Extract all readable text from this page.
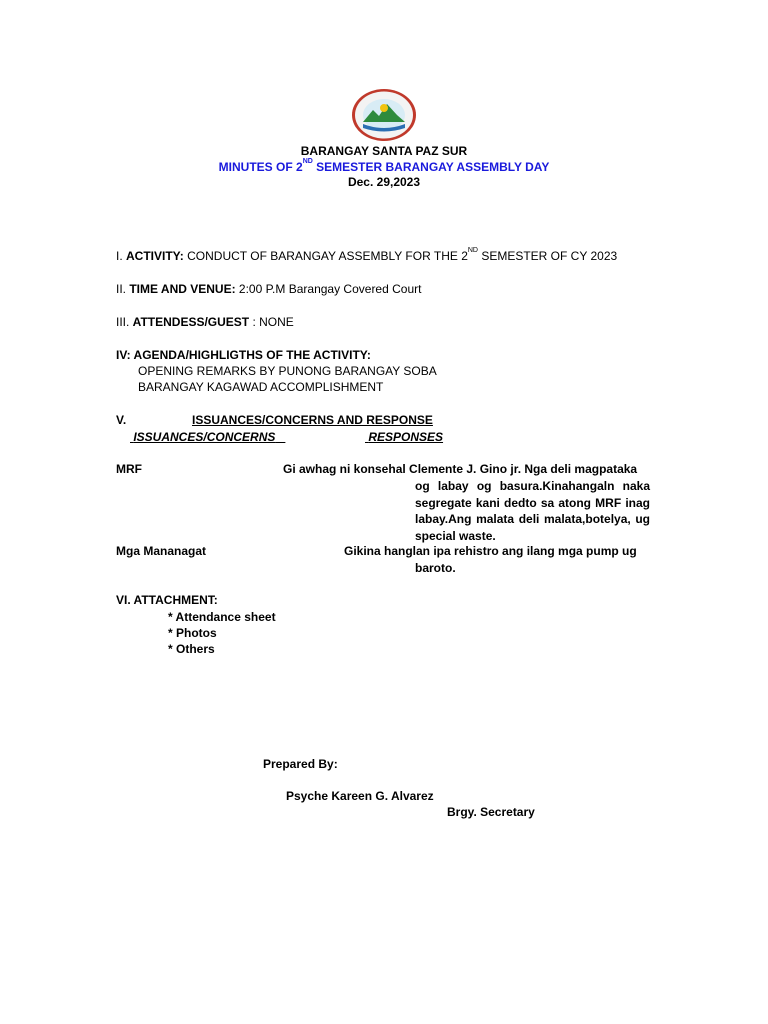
BARANGAY SANTA PAZ SUR
MINUTES OF 2ND SEMESTER BARANGAY ASSEMBLY DAY
Dec. 29,2023
I. ACTIVITY: CONDUCT OF BARANGAY ASSEMBLY FOR THE 2ND SEMESTER OF CY 2023
II. TIME AND VENUE: 2:00 P.M Barangay Covered Court
III. ATTENDESS/GUEST : NONE
IV: AGENDA/HIGHLIGTHS OF THE ACTIVITY:
OPENING REMARKS BY PUNONG BARANGAY SOBA
BARANGAY KAGAWAD ACCOMPLISHMENT
V.	ISSUANCES/CONCERNS AND RESPONSE
ISSUANCES/CONCERNS	RESPONSES
MRF	Gi awhag ni konsehal Clemente J. Gino jr. Nga deli magpataka
og labay og basura.Kinahangaln naka segregate kani dedto sa atong MRF inag labay.Ang malata deli malata,botelya, ug special waste.
Mga Mananagat	Gikina hanglan ipa rehistro ang ilang mga pump ug
baroto.
VI. ATTACHMENT:
* Attendance sheet
* Photos
* Others
Prepared By:
Psyche Kareen G. Alvarez
Brgy. Secretary
